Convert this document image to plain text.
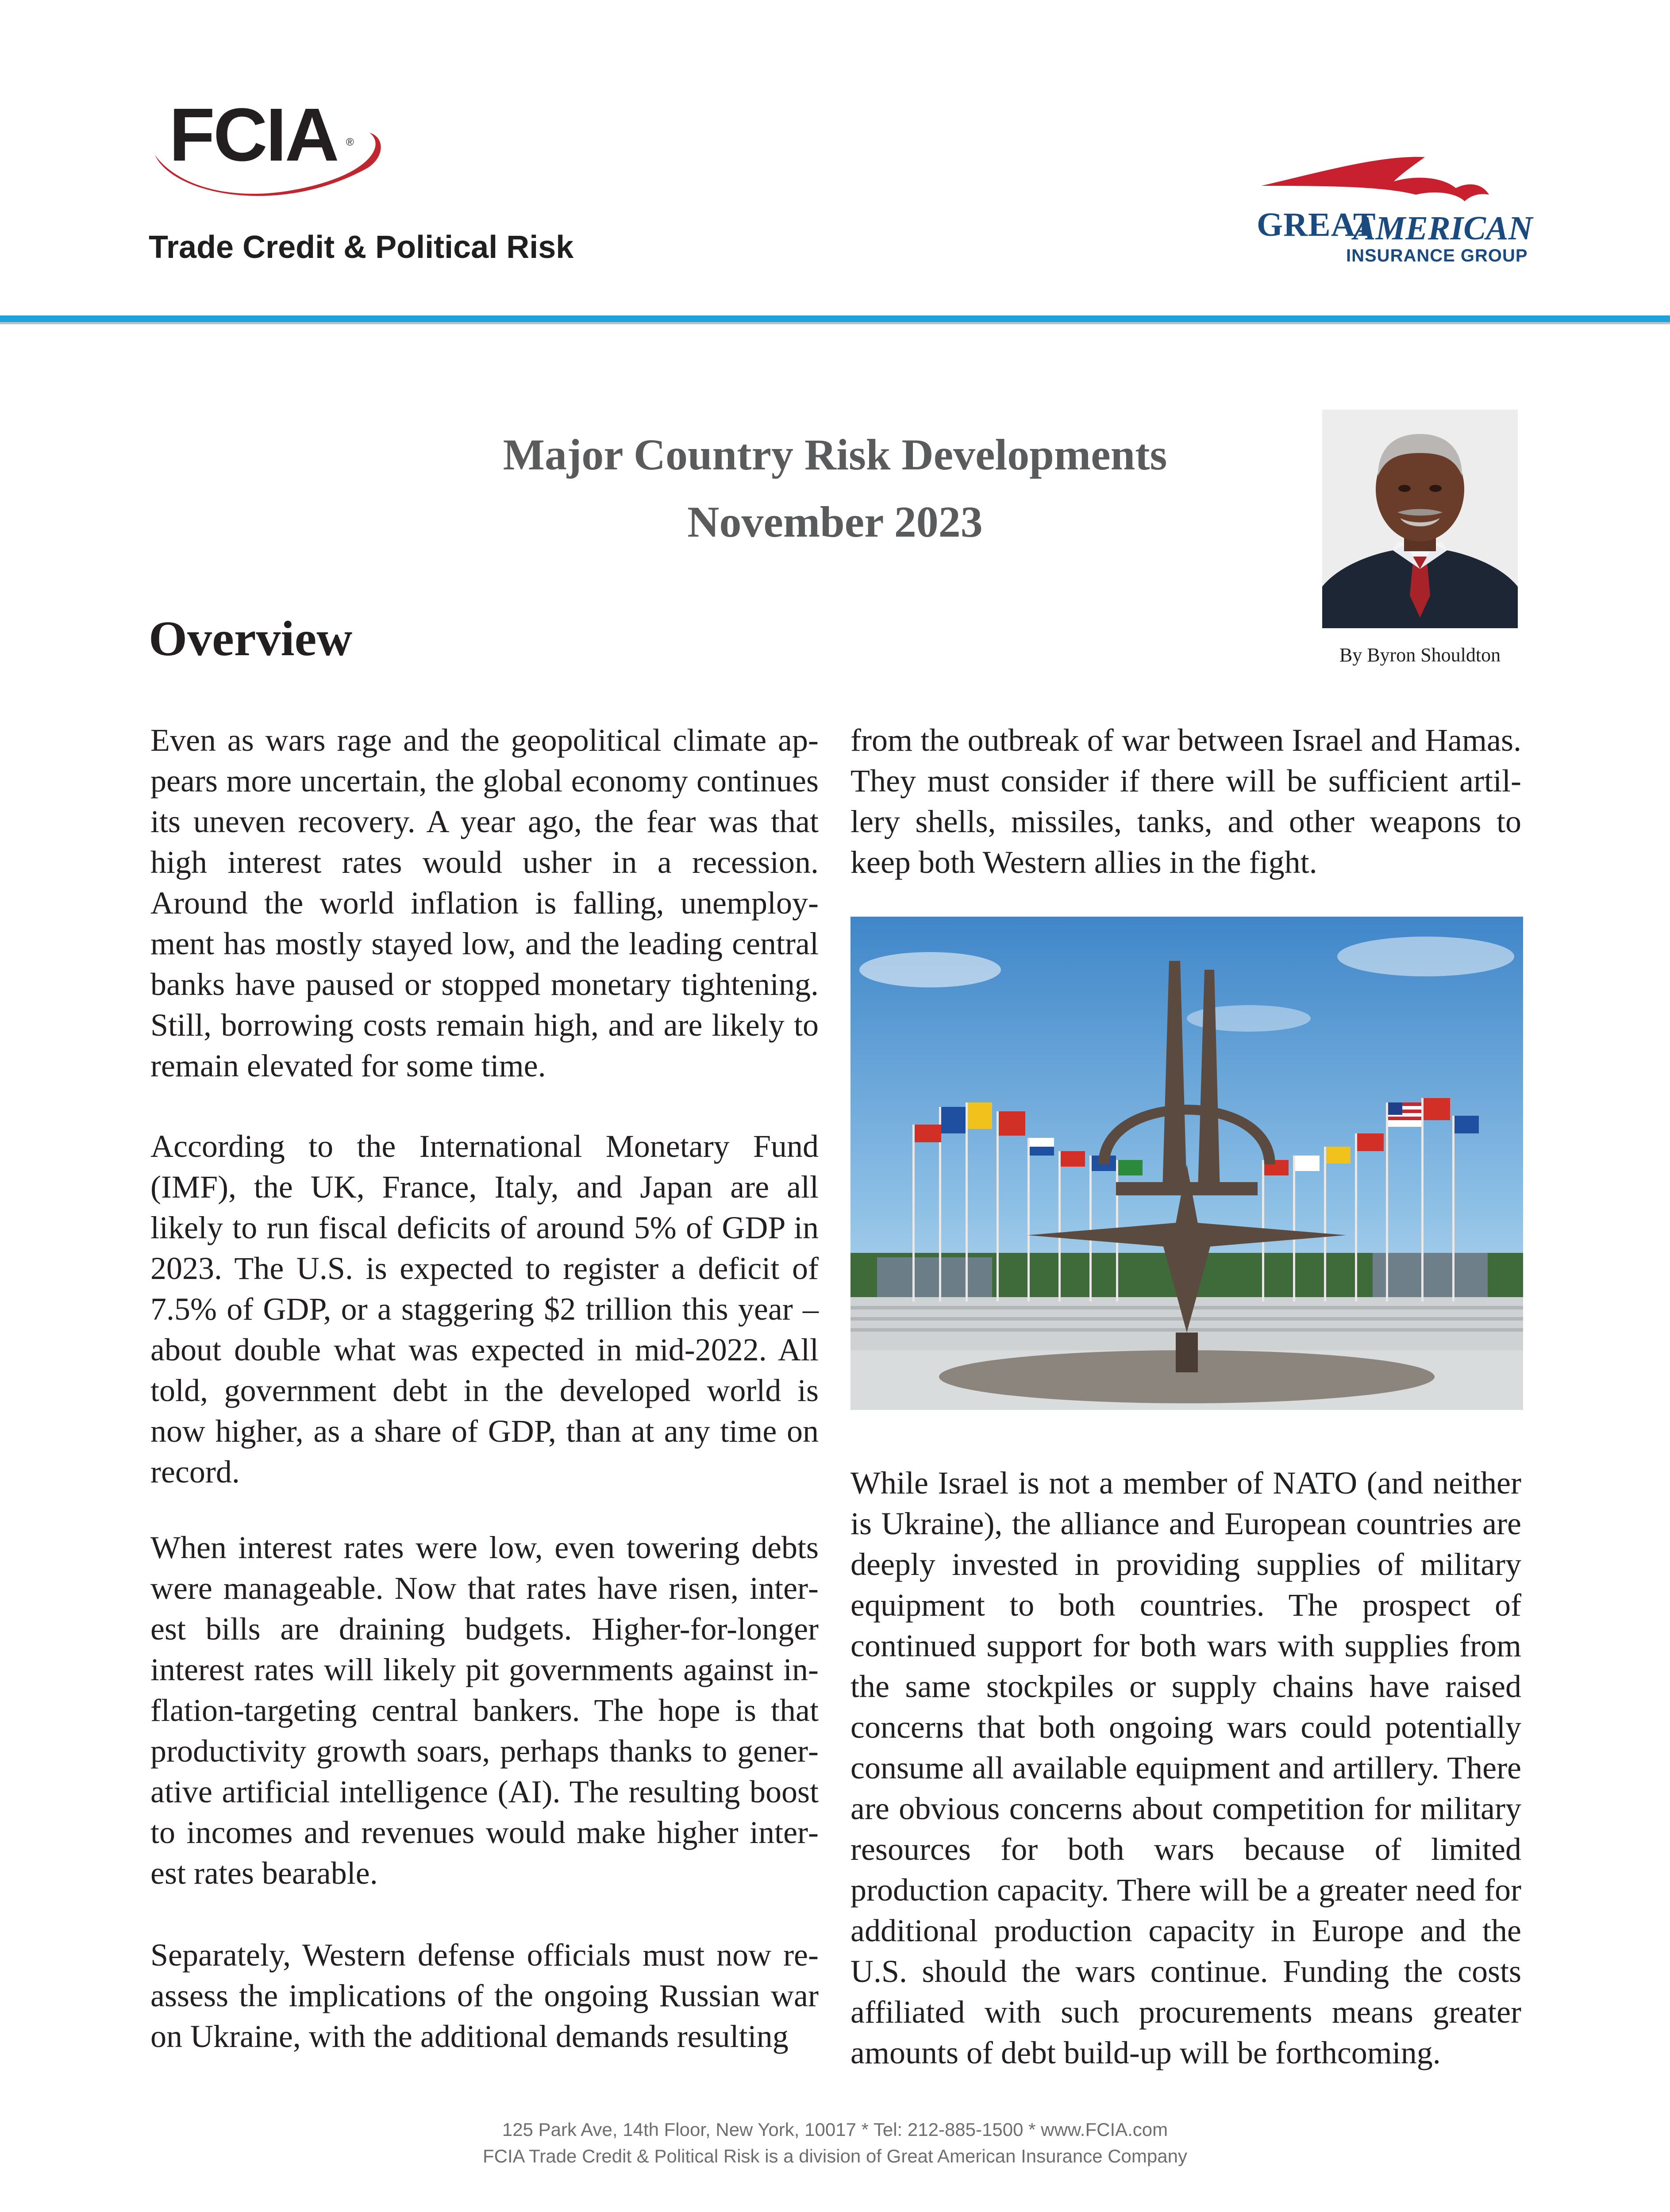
FCIA ®
Trade Credit & Political Risk
GREAT
AMERICAN
INSURANCE GROUP
Major Country Risk Developments
November 2023
Overview	By Byron Shouldton

Even as wars rage and the geopolitical climate appears more uncertain, the global economy continues its uneven recovery. A year ago, the fear was that high interest rates would usher in a recession. Around the world inflation is falling, unemployment has mostly stayed low, and the leading central banks have paused or stopped monetary tightening. Still, borrowing costs remain high, and are likely to remain elevated for some time.

According to the International Monetary Fund (IMF), the UK, France, Italy, and Japan are all likely to run fiscal deficits of around 5% of GDP in 2023. The U.S. is expected to register a deficit of 7.5% of GDP, or a staggering $2 trillion this year – about double what was expected in mid-2022. All told, government debt in the developed world is now higher, as a share of GDP, than at any time on record.

When interest rates were low, even towering debts were manageable. Now that rates have risen, interest bills are draining budgets. Higher-for-longer interest rates will likely pit governments against inflation-targeting central bankers. The hope is that productivity growth soars, perhaps thanks to generative artificial intelligence (AI). The resulting boost to incomes and revenues would make higher interest rates bearable.

Separately, Western defense officials must now reassess the implications of the ongoing Russian war on Ukraine, with the additional demands resulting

from the outbreak of war between Israel and Hamas. They must consider if there will be sufficient artillery shells, missiles, tanks, and other weapons to keep both Western allies in the fight.

While Israel is not a member of NATO (and neither is Ukraine), the alliance and European countries are deeply invested in providing supplies of military equipment to both countries. The prospect of continued support for both wars with supplies from the same stockpiles or supply chains have raised concerns that both ongoing wars could potentially consume all available equipment and artillery. There are obvious concerns about competition for military resources for both wars because of limited production capacity. There will be a greater need for additional production capacity in Europe and the U.S. should the wars continue. Funding the costs affiliated with such procurements means greater amounts of debt build-up will be forthcoming.

125 Park Ave, 14th Floor, New York, 10017 * Tel: 212-885-1500 * www.FCIA.com
FCIA Trade Credit & Political Risk is a division of Great American Insurance Company
